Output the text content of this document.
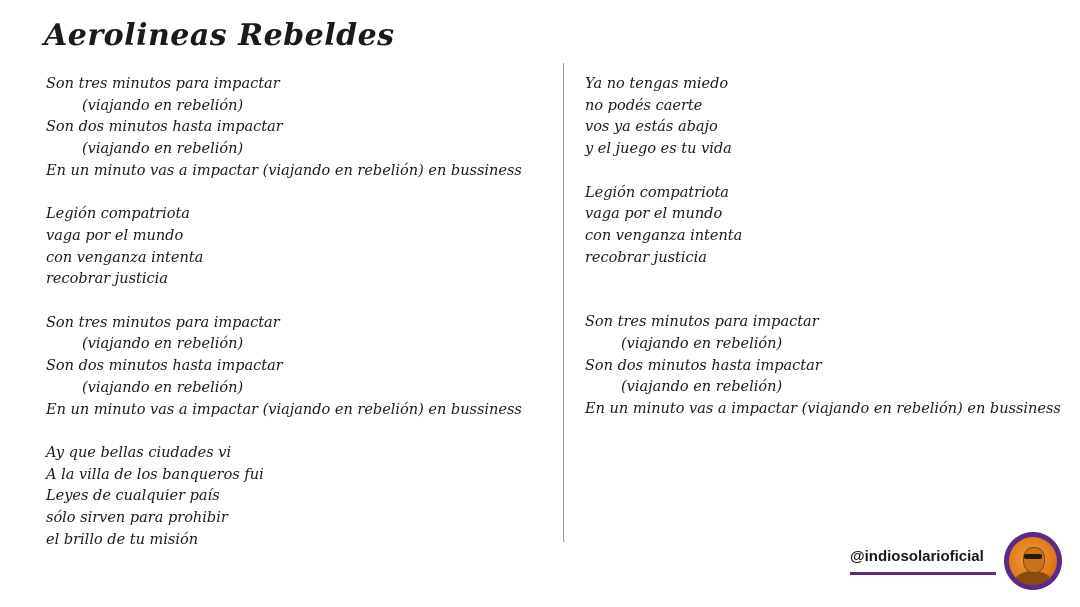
Aerolineas Rebeldes
Son tres minutos para impactar
(viajando en rebelión)
Son dos minutos hasta impactar
(viajando en rebelión)
En un minuto vas a impactar (viajando en rebelión) en bussiness
Legión compatriota
vaga por el mundo
con venganza intenta
recobrar justicia
Son tres minutos para impactar
(viajando en rebelión)
Son dos minutos hasta impactar
(viajando en rebelión)
En un minuto vas a impactar (viajando en rebelión) en bussiness
Ay que bellas ciudades vi
A la villa de los banqueros fui
Leyes de cualquier país
sólo sirven para prohibir
el brillo de tu misión
Ya no tengas miedo
no podés caerte
vos ya estás abajo
y el juego es tu vida
Legión compatriota
vaga por el mundo
con venganza intenta
recobrar justicia
Son tres minutos para impactar
(viajando en rebelión)
Son dos minutos hasta impactar
(viajando en rebelión)
En un minuto vas a impactar (viajando en rebelión) en bussiness
@indiosolarioficial
